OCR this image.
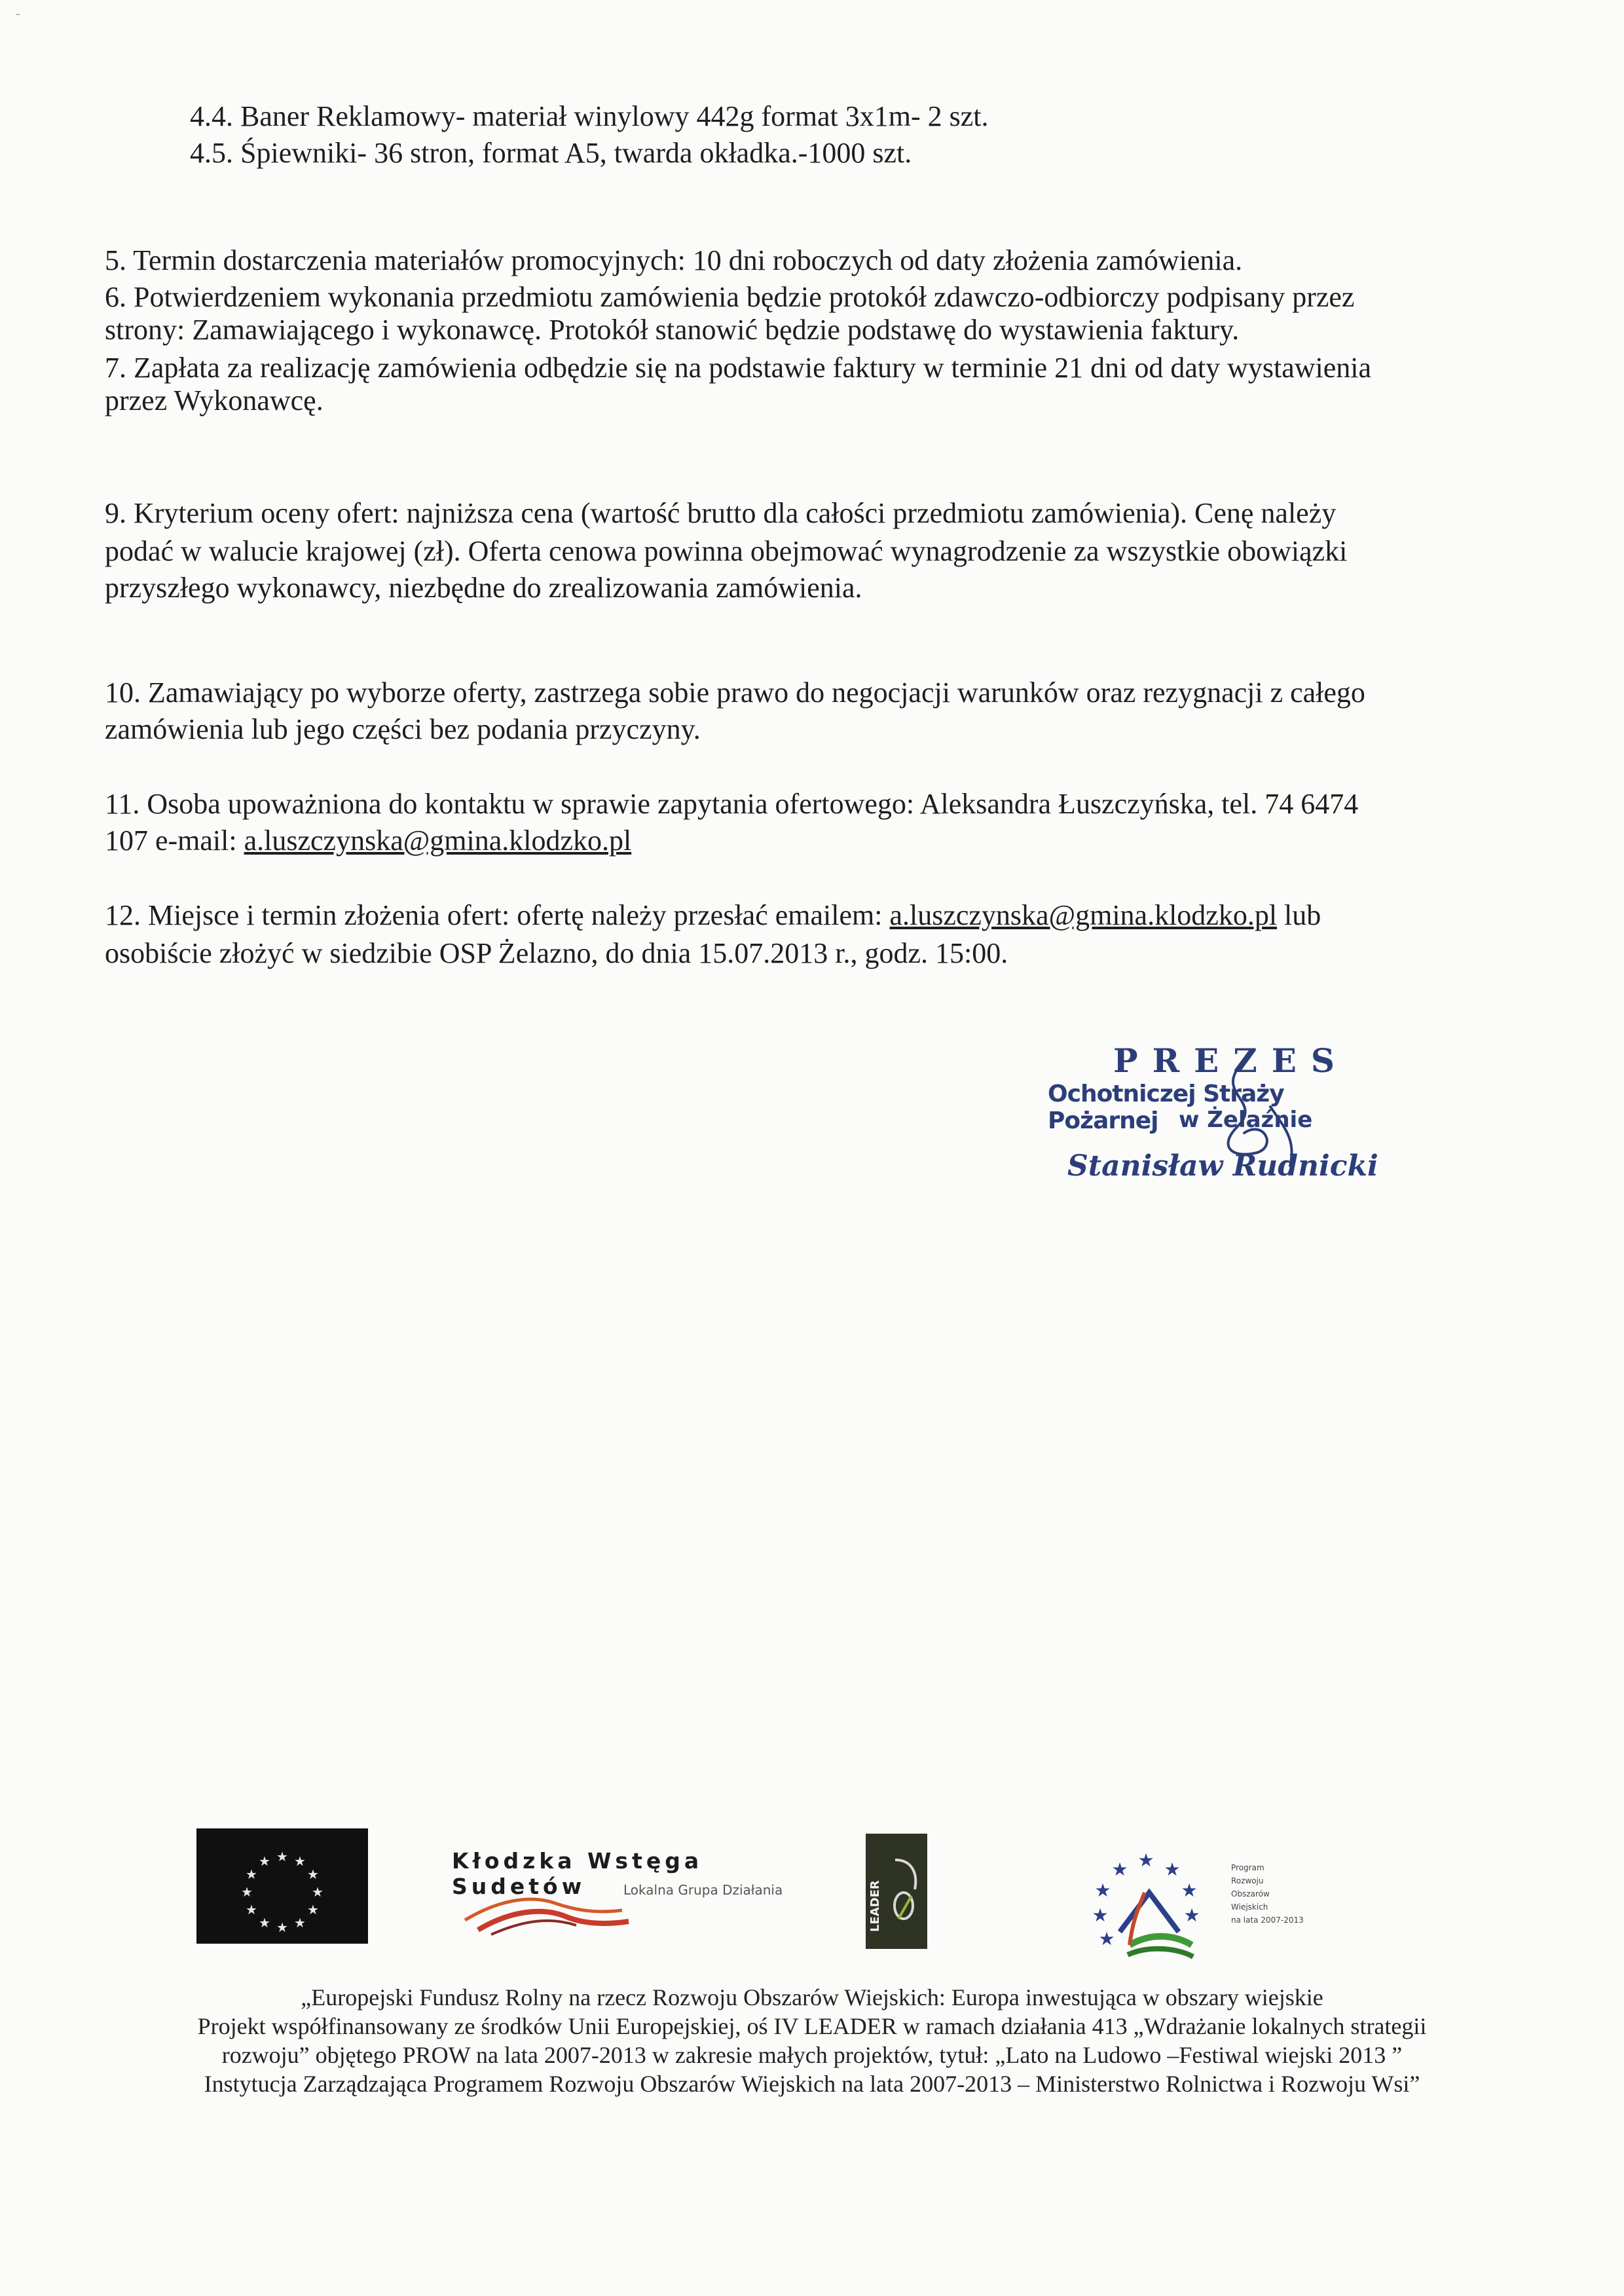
-
4.4. Baner Reklamowy- materiał winylowy 442g format 3x1m- 2 szt.
4.5. Śpiewniki- 36 stron, format A5, twarda okładka.-1000 szt.
5. Termin dostarczenia materiałów promocyjnych: 10 dni roboczych od daty złożenia zamówienia.
6. Potwierdzeniem wykonania przedmiotu zamówienia będzie protokół zdawczo-odbiorczy podpisany przez
strony: Zamawiającego i wykonawcę. Protokół stanowić będzie podstawę do wystawienia faktury.
7. Zapłata za realizację zamówienia odbędzie się na podstawie faktury w terminie 21 dni od daty wystawienia
przez Wykonawcę.
9. Kryterium oceny ofert: najniższa cena (wartość brutto dla całości przedmiotu zamówienia). Cenę należy
podać w walucie krajowej (zł). Oferta cenowa powinna obejmować wynagrodzenie za wszystkie obowiązki
przyszłego wykonawcy, niezbędne do zrealizowania zamówienia.
10. Zamawiający po wyborze oferty, zastrzega sobie prawo do negocjacji warunków oraz rezygnacji z całego
zamówienia lub jego części bez podania przyczyny.
11. Osoba upoważniona do kontaktu w sprawie zapytania ofertowego: Aleksandra Łuszczyńska, tel. 74 6474
107 e-mail: a.luszczynska@gmina.klodzko.pl
12. Miejsce i termin złożenia ofert: ofertę należy przesłać emailem: a.luszczynska@gmina.klodzko.pl lub
osobiście złożyć w siedzibie OSP Żelazno, do dnia 15.07.2013 r., godz. 15:00.
PREZES
Ochotniczej Straży Pożarnej w Żelaźnie
Stanisław Rudnicki
★ ★
★
★
★
★
★
★
★
★
★
★	Kłodzka Wstęga Sudetów	Lokalna Grupa Działania	LEADER
★ ★
★
★
★
★
★
★
Program
Rozwoju
Obszarów
Wiejskich
na lata 2007-2013
„Europejski Fundusz Rolny na rzecz Rozwoju Obszarów Wiejskich: Europa inwestująca w obszary wiejskie
Projekt współfinansowany ze środków Unii Europejskiej, oś IV LEADER w ramach działania 413 „Wdrażanie lokalnych strategii
rozwoju” objętego PROW na lata 2007-2013 w zakresie małych projektów, tytuł: „Lato na Ludowo –Festiwal wiejski 2013 ”
Instytucja Zarządzająca Programem Rozwoju Obszarów Wiejskich na lata 2007-2013 – Ministerstwo Rolnictwa i Rozwoju Wsi”
